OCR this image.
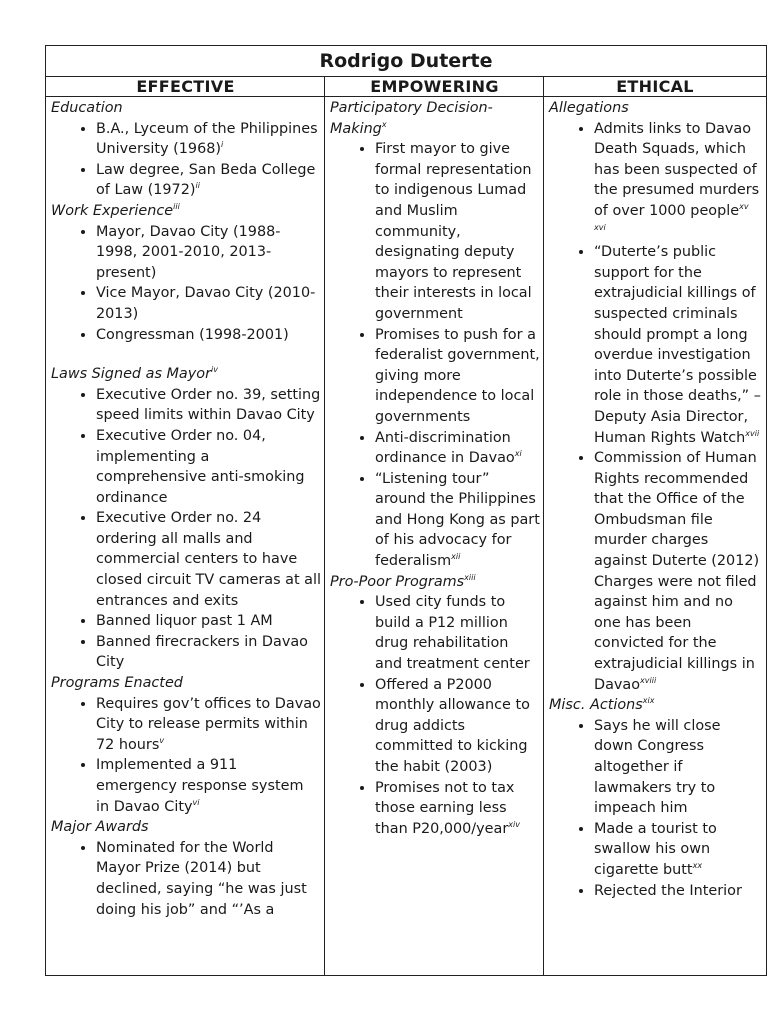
Rodrigo Duterte
EFFECTIVE	EMPOWERING	ETHICAL
Education
• B.A., Lyceum of the Philippines University $(1968)^i$
• Law degree, San Beda College of Law $(1972)^{ii}$
Work Experience$^{iii}$
• Mayor, Davao City (1988-1998, 2001-2010, 2013-present)
• Vice Mayor, Davao City (2010-2013)
• Congressman (1998-2001)
Laws Signed as Mayor$^{iv}$
• Executive Order no. 39, setting speed limits within Davao City
• Executive Order no. 04, implementing a comprehensive anti-smoking ordinance
• Executive Order no. 24 ordering all malls and commercial centers to have closed circuit TV cameras at all entrances and exits
• Banned liquor past 1 AM
• Banned firecrackers in Davao City
Programs Enacted
• Requires gov’t offices to Davao City to release permits within 72 hours$^v$
• Implemented a 911 emergency response system in Davao City$^{vi}$
Major Awards
• Nominated for the World Mayor Prize (2014) but declined, saying “he was just doing his job” and “’As a
Participatory Decision-Making$^x$
• First mayor to give formal representation to indigenous Lumad and Muslim community, designating deputy mayors to represent their interests in local government
• Promises to push for a federalist government, giving more independence to local governments
• Anti-discrimination ordinance in Davao$^{xi}$
• “Listening tour” around the Philippines and Hong Kong as part of his advocacy for federalism$^{xii}$
Pro-Poor Programs$^{xiii}$
• Used city funds to build a P12 million drug rehabilitation and treatment center
• Offered a P2000 monthly allowance to drug addicts committed to kicking the habit (2003)
• Promises not to tax those earning less than P20,000/year$^{xiv}$
Allegations
• Admits links to Davao Death Squads, which has been suspected of the presumed murders of over 1000 people$^{xv xvi}$
• “Duterte’s public support for the extrajudicial killings of suspected criminals should prompt a long overdue investigation into Duterte’s possible role in those deaths,” – Deputy Asia Director, Human Rights Watch$^{xvii}$
• Commission of Human Rights recommended that the Office of the Ombudsman file murder charges against Duterte (2012) Charges were not filed against him and no one has been convicted for the extrajudicial killings in Davao$^{xviii}$
Misc. Actions$^{xix}$
• Says he will close down Congress altogether if lawmakers try to impeach him
• Made a tourist to swallow his own cigarette butt$^{xx}$
• Rejected the Interior
